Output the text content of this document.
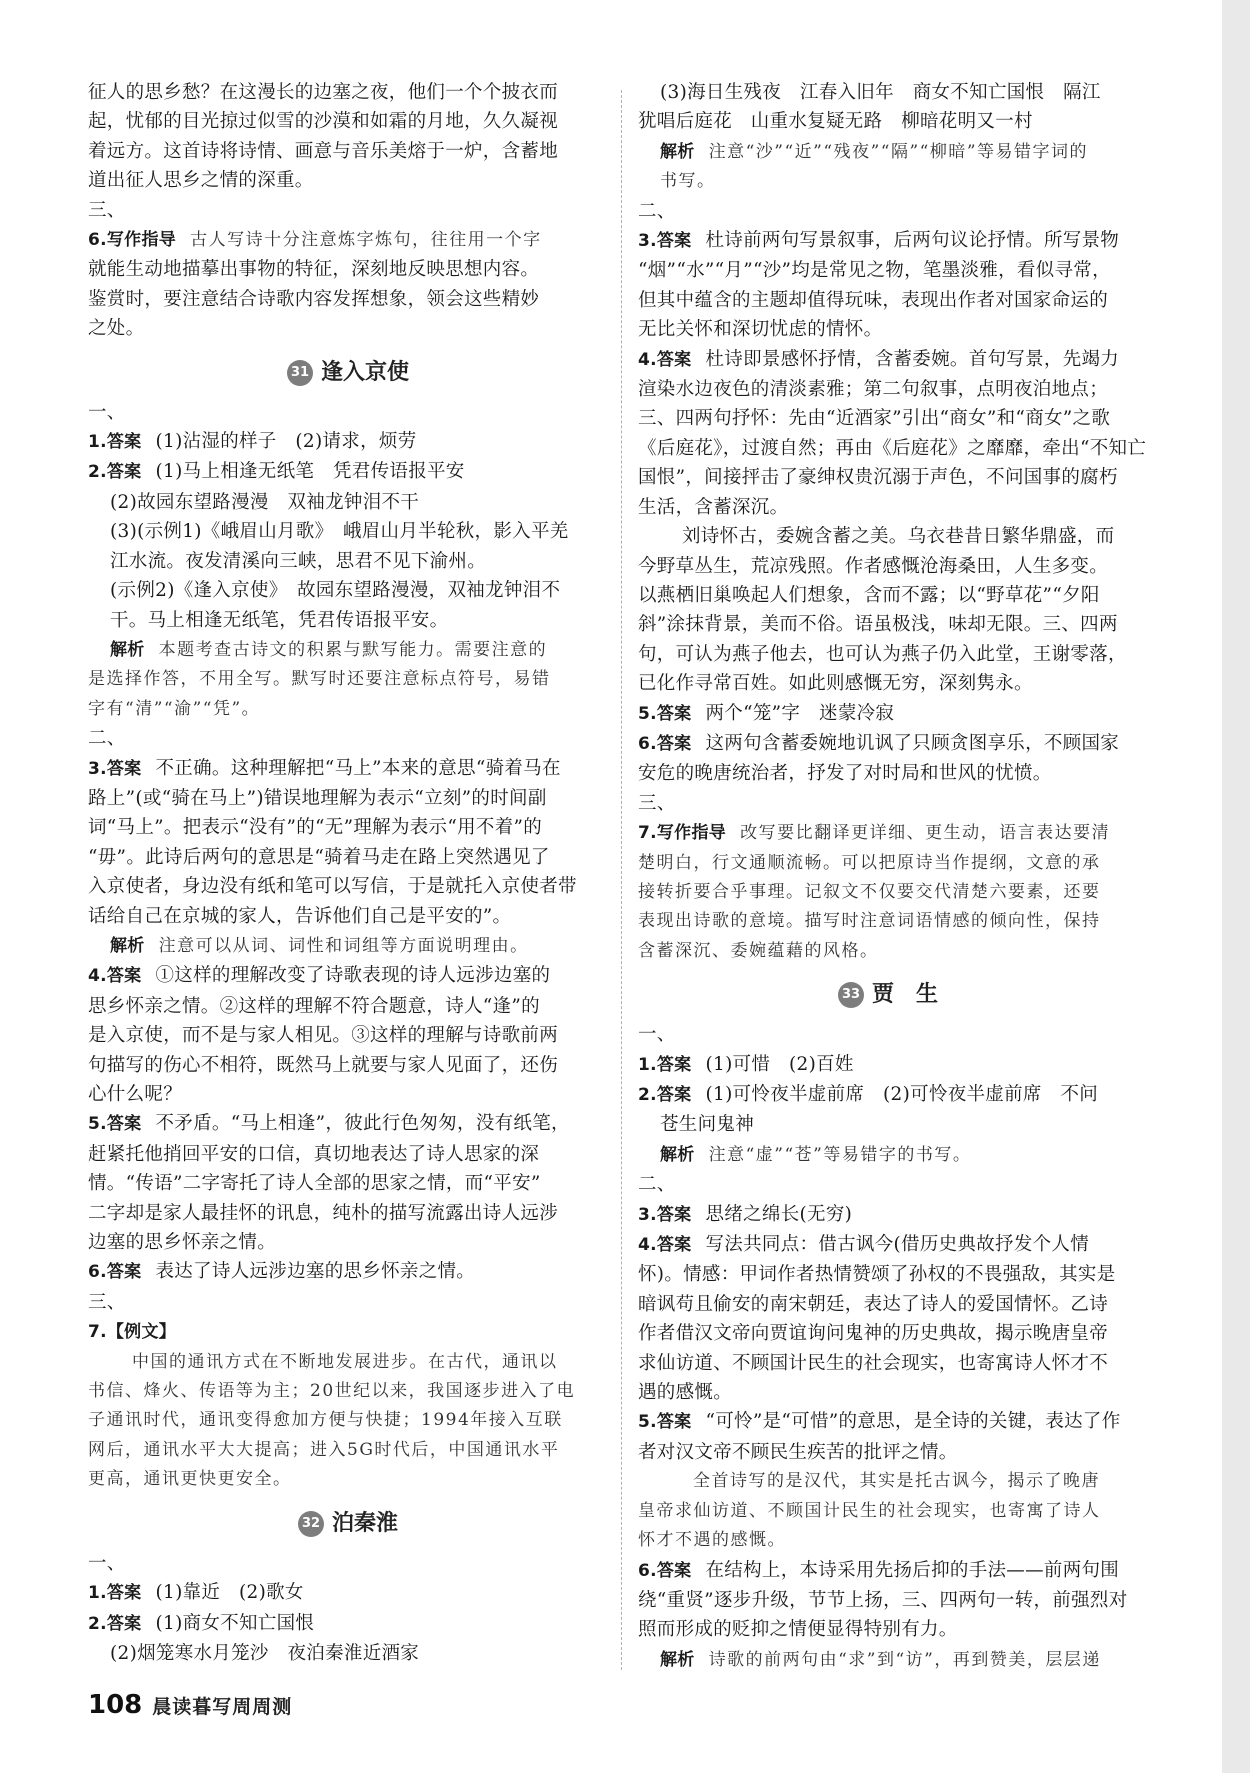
征人的思乡愁？在这漫长的边塞之夜，他们一个个披衣而

起，忧郁的目光掠过似雪的沙漠和如霜的月地，久久凝视

着远方。这首诗将诗情、画意与音乐美熔于一炉，含蓄地

道出征人思乡之情的深重。

三、

6.写作指导 古人写诗十分注意炼字炼句，往往用一个字

就能生动地描摹出事物的特征，深刻地反映思想内容。

鉴赏时，要注意结合诗歌内容发挥想象，领会这些精妙

之处。

31 逢入京使

一、

1.答案 (1)沾湿的样子　(2)请求，烦劳

2.答案 (1)马上相逢无纸笔　凭君传语报平安

(2)故园东望路漫漫　双袖龙钟泪不干

(3)(示例1)《峨眉山月歌》　峨眉山月半轮秋，影入平羌

江水流。夜发清溪向三峡，思君不见下渝州。

(示例2)《逢入京使》　故园东望路漫漫，双袖龙钟泪不

干。马上相逢无纸笔，凭君传语报平安。

解析 本题考查古诗文的积累与默写能力。需要注意的

是选择作答，不用全写。默写时还要注意标点符号，易错

字有“清”“渝”“凭”。

二、

3.答案 不正确。这种理解把“马上”本来的意思“骑着马在

路上”(或“骑在马上”)错误地理解为表示“立刻”的时间副

词“马上”。把表示“没有”的“无”理解为表示“用不着”的

“毋”。此诗后两句的意思是“骑着马走在路上突然遇见了

入京使者，身边没有纸和笔可以写信，于是就托入京使者带

话给自己在京城的家人，告诉他们自己是平安的”。

解析 注意可以从词、词性和词组等方面说明理由。

4.答案 ①这样的理解改变了诗歌表现的诗人远涉边塞的

思乡怀亲之情。②这样的理解不符合题意，诗人“逢”的

是入京使，而不是与家人相见。③这样的理解与诗歌前两

句描写的伤心不相符，既然马上就要与家人见面了，还伤

心什么呢？

5.答案 不矛盾。“马上相逢”，彼此行色匆匆，没有纸笔，

赶紧托他捎回平安的口信，真切地表达了诗人思家的深

情。“传语”二字寄托了诗人全部的思家之情，而“平安”

二字却是家人最挂怀的讯息，纯朴的描写流露出诗人远涉

边塞的思乡怀亲之情。

6.答案 表达了诗人远涉边塞的思乡怀亲之情。

三、

7.【例文】

中国的通讯方式在不断地发展进步。在古代，通讯以

书信、烽火、传语等为主；20世纪以来，我国逐步进入了电

子通讯时代，通讯变得愈加方便与快捷；1994年接入互联

网后，通讯水平大大提高；进入5G时代后，中国通讯水平

更高，通讯更快更安全。

32 泊秦淮

一、

1.答案 (1)靠近　(2)歌女

2.答案 (1)商女不知亡国恨

(2)烟笼寒水月笼沙　夜泊秦淮近酒家

(3)海日生残夜　江春入旧年　商女不知亡国恨　隔江

犹唱后庭花　山重水复疑无路　柳暗花明又一村

解析 注意“沙”“近”“残夜”“隔”“柳暗”等易错字词的

书写。

二、

3.答案 杜诗前两句写景叙事，后两句议论抒情。所写景物

“烟”“水”“月”“沙”均是常见之物，笔墨淡雅，看似寻常，

但其中蕴含的主题却值得玩味，表现出作者对国家命运的

无比关怀和深切忧虑的情怀。

4.答案 杜诗即景感怀抒情，含蓄委婉。首句写景，先竭力

渲染水边夜色的清淡素雅；第二句叙事，点明夜泊地点；

三、四两句抒怀：先由“近酒家”引出“商女”和“商女”之歌

《后庭花》，过渡自然；再由《后庭花》之靡靡，牵出“不知亡

国恨”，间接抨击了豪绅权贵沉溺于声色，不问国事的腐朽

生活，含蓄深沉。

刘诗怀古，委婉含蓄之美。乌衣巷昔日繁华鼎盛，而

今野草丛生，荒凉残照。作者感慨沧海桑田，人生多变。

以燕栖旧巢唤起人们想象，含而不露；以“野草花”“夕阳

斜”涂抹背景，美而不俗。语虽极浅，味却无限。三、四两

句，可认为燕子他去，也可认为燕子仍入此堂，王谢零落，

已化作寻常百姓。如此则感慨无穷，深刻隽永。

5.答案 两个“笼”字　迷蒙冷寂

6.答案 这两句含蓄委婉地讥讽了只顾贪图享乐，不顾国家

安危的晚唐统治者，抒发了对时局和世风的忧愤。

三、

7.写作指导 改写要比翻译更详细、更生动，语言表达要清

楚明白，行文通顺流畅。可以把原诗当作提纲，文意的承

接转折要合乎事理。记叙文不仅要交代清楚六要素，还要

表现出诗歌的意境。描写时注意词语情感的倾向性，保持

含蓄深沉、委婉蕴藉的风格。

33 贾　生

一、

1.答案 (1)可惜　(2)百姓

2.答案 (1)可怜夜半虚前席　(2)可怜夜半虚前席　不问

苍生问鬼神

解析 注意“虚”“苍”等易错字的书写。

二、

3.答案 思绪之绵长(无穷)

4.答案 写法共同点：借古讽今(借历史典故抒发个人情

怀)。情感：甲词作者热情赞颂了孙权的不畏强敌，其实是

暗讽苟且偷安的南宋朝廷，表达了诗人的爱国情怀。乙诗

作者借汉文帝向贾谊询问鬼神的历史典故，揭示晚唐皇帝

求仙访道、不顾国计民生的社会现实，也寄寓诗人怀才不

遇的感慨。

5.答案 “可怜”是“可惜”的意思，是全诗的关键，表达了作

者对汉文帝不顾民生疾苦的批评之情。

全首诗写的是汉代，其实是托古讽今，揭示了晚唐

皇帝求仙访道、不顾国计民生的社会现实，也寄寓了诗人

怀才不遇的感慨。

6.答案 在结构上，本诗采用先扬后抑的手法——前两句围

绕“重贤”逐步升级，节节上扬，三、四两句一转，前强烈对

照而形成的贬抑之情便显得特别有力。

解析 诗歌的前两句由“求”到“访”，再到赞美，层层递

108 晨读暮写周周测
